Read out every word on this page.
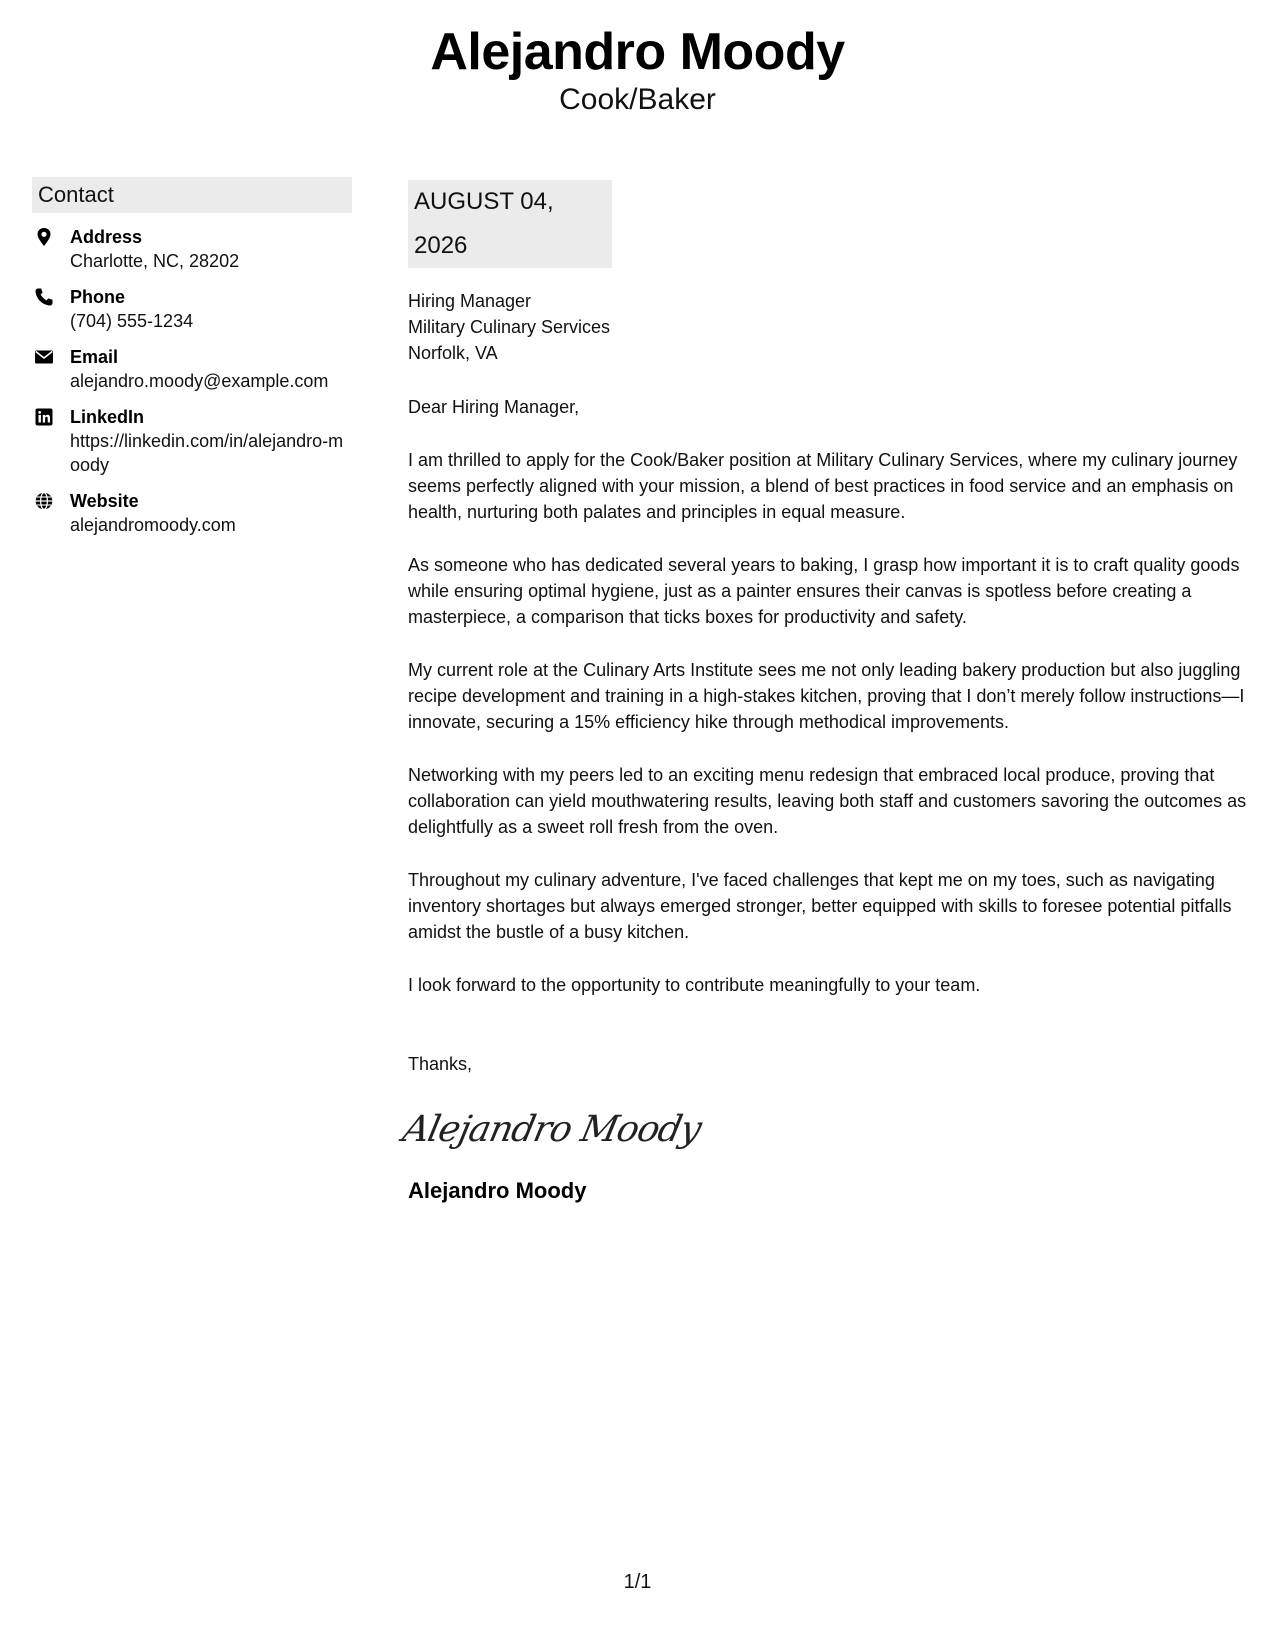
Alejandro Moody
Cook/Baker
Contact
Address
Charlotte, NC, 28202
Phone
(704) 555-1234
Email
alejandro.moody@example.com
LinkedIn
https://linkedin.com/in/alejandro-moody
Website
alejandromoody.com
AUGUST 04, 2026
Hiring Manager
Military Culinary Services
Norfolk, VA
Dear Hiring Manager,
I am thrilled to apply for the Cook/Baker position at Military Culinary Services, where my culinary journey seems perfectly aligned with your mission, a blend of best practices in food service and an emphasis on health, nurturing both palates and principles in equal measure.
As someone who has dedicated several years to baking, I grasp how important it is to craft quality goods while ensuring optimal hygiene, just as a painter ensures their canvas is spotless before creating a masterpiece, a comparison that ticks boxes for productivity and safety.
My current role at the Culinary Arts Institute sees me not only leading bakery production but also juggling recipe development and training in a high-stakes kitchen, proving that I don’t merely follow instructions—I innovate, securing a 15% efficiency hike through methodical improvements.
Networking with my peers led to an exciting menu redesign that embraced local produce, proving that collaboration can yield mouthwatering results, leaving both staff and customers savoring the outcomes as delightfully as a sweet roll fresh from the oven.
Throughout my culinary adventure, I've faced challenges that kept me on my toes, such as navigating inventory shortages but always emerged stronger, better equipped with skills to foresee potential pitfalls amidst the bustle of a busy kitchen.
I look forward to the opportunity to contribute meaningfully to your team.
Thanks,
Alejandro Moody
Alejandro Moody
1/1
